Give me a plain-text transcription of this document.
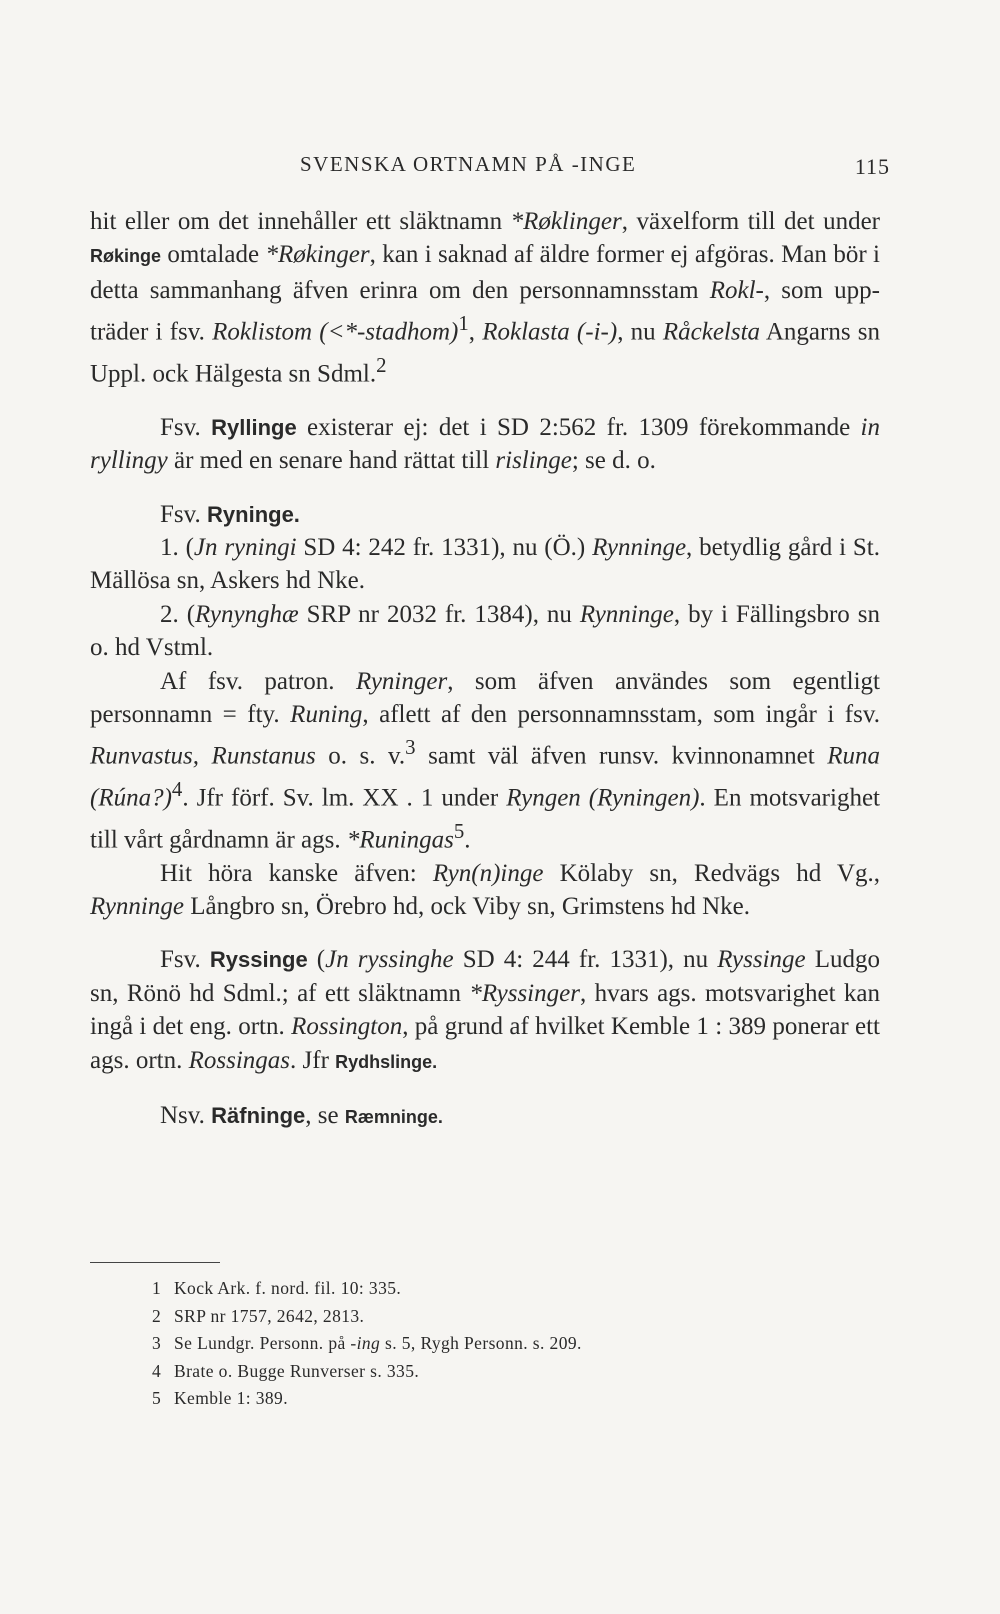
SVENSKA ORTNAMN PÅ -INGE	115

hit eller om det innehåller ett släktnamn *Røklinger, växelform till det under Røkinge omtalade *Røkinger, kan i saknad af äldre former ej afgöras. Man bör i detta sammanhang äfven erinra om den personnamnsstam Rokl-, som uppträder i fsv. Roklistom (<*-stadhom)$^1$, Roklasta (-i-), nu Råckelsta Angarns sn Uppl. ock Hälgesta sn Sdml.$^2$

Fsv. Ryllinge existerar ej: det i SD 2:562 fr. 1309 förekommande in ryllingy är med en senare hand rättat till rislinge; se d. o.

Fsv. Ryninge.

1. (Jn ryningi SD 4: 242 fr. 1331), nu (Ö.) Rynninge, betydlig gård i St. Mällösa sn, Askers hd Nke.

2. (Rynynghæ SRP nr 2032 fr. 1384), nu Rynninge, by i Fällingsbro sn o. hd Vstml.

Af fsv. patron. Ryninger, som äfven användes som egentligt personnamn = fty. Runing, aflett af den personnamnsstam, som ingår i fsv. Runvastus, Runstanus o. s. v.$^3$ samt väl äfven runsv. kvinnonamnet Runa (Rúna?)$^4$. Jfr förf. Sv. lm. XX . 1 under Ryngen (Ryningen). En motsvarighet till vårt gårdnamn är ags. *Runingas$^5$.

Hit höra kanske äfven: Ryn(n)inge Kölaby sn, Redvägs hd Vg., Rynninge Långbro sn, Örebro hd, ock Viby sn, Grimstens hd Nke.

Fsv. Ryssinge (Jn ryssinghe SD 4: 244 fr. 1331), nu Ryssinge Ludgo sn, Rönö hd Sdml.; af ett släktnamn *Ryssinger, hvars ags. motsvarighet kan ingå i det eng. ortn. Rossington, på grund af hvilket Kemble 1 : 389 ponerar ett ags. ortn. Rossingas. Jfr Rydhslinge.

Nsv. Räfninge, se Ræmninge.

1 Kock Ark. f. nord. fil. 10: 335.

2 SRP nr 1757, 2642, 2813.

3 Se Lundgr. Personn. på -ing s. 5, Rygh Personn. s. 209.

4 Brate o. Bugge Runverser s. 335.

5 Kemble 1: 389.
